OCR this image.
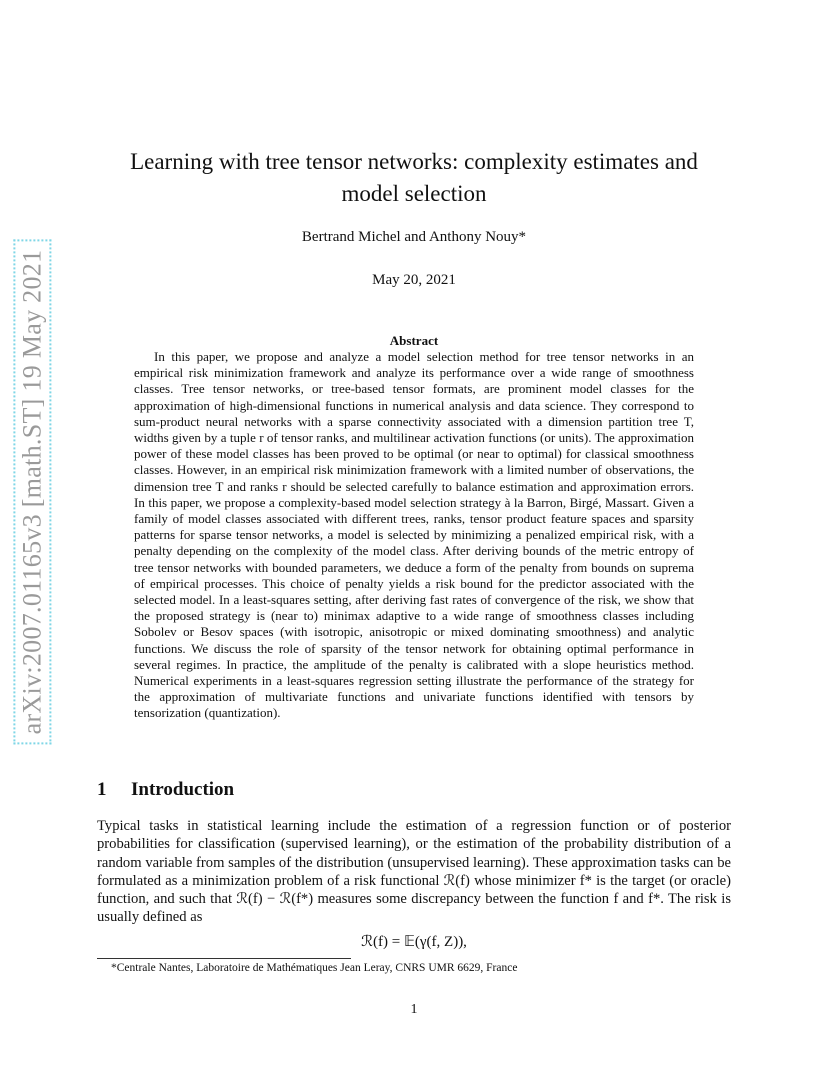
arXiv:2007.01165v3 [math.ST] 19 May 2021
Learning with tree tensor networks: complexity estimates and model selection
Bertrand Michel and Anthony Nouy*
May 20, 2021
Abstract
In this paper, we propose and analyze a model selection method for tree tensor networks in an empirical risk minimization framework and analyze its performance over a wide range of smoothness classes. Tree tensor networks, or tree-based tensor formats, are prominent model classes for the approximation of high-dimensional functions in numerical analysis and data science. They correspond to sum-product neural networks with a sparse connectivity associated with a dimension partition tree T, widths given by a tuple r of tensor ranks, and multilinear activation functions (or units). The approximation power of these model classes has been proved to be optimal (or near to optimal) for classical smoothness classes. However, in an empirical risk minimization framework with a limited number of observations, the dimension tree T and ranks r should be selected carefully to balance estimation and approximation errors. In this paper, we propose a complexity-based model selection strategy à la Barron, Birgé, Massart. Given a family of model classes associated with different trees, ranks, tensor product feature spaces and sparsity patterns for sparse tensor networks, a model is selected by minimizing a penalized empirical risk, with a penalty depending on the complexity of the model class. After deriving bounds of the metric entropy of tree tensor networks with bounded parameters, we deduce a form of the penalty from bounds on suprema of empirical processes. This choice of penalty yields a risk bound for the predictor associated with the selected model. In a least-squares setting, after deriving fast rates of convergence of the risk, we show that the proposed strategy is (near to) minimax adaptive to a wide range of smoothness classes including Sobolev or Besov spaces (with isotropic, anisotropic or mixed dominating smoothness) and analytic functions. We discuss the role of sparsity of the tensor network for obtaining optimal performance in several regimes. In practice, the amplitude of the penalty is calibrated with a slope heuristics method. Numerical experiments in a least-squares regression setting illustrate the performance of the strategy for the approximation of multivariate functions and univariate functions identified with tensors by tensorization (quantization).
1 Introduction
Typical tasks in statistical learning include the estimation of a regression function or of posterior probabilities for classification (supervised learning), or the estimation of the probability distribution of a random variable from samples of the distribution (unsupervised learning). These approximation tasks can be formulated as a minimization problem of a risk functional ℛ(f) whose minimizer f* is the target (or oracle) function, and such that ℛ(f) − ℛ(f*) measures some discrepancy between the function f and f*. The risk is usually defined as
ℛ(f) = 𝔼(γ(f, Z)),
*Centrale Nantes, Laboratoire de Mathématiques Jean Leray, CNRS UMR 6629, France
1
